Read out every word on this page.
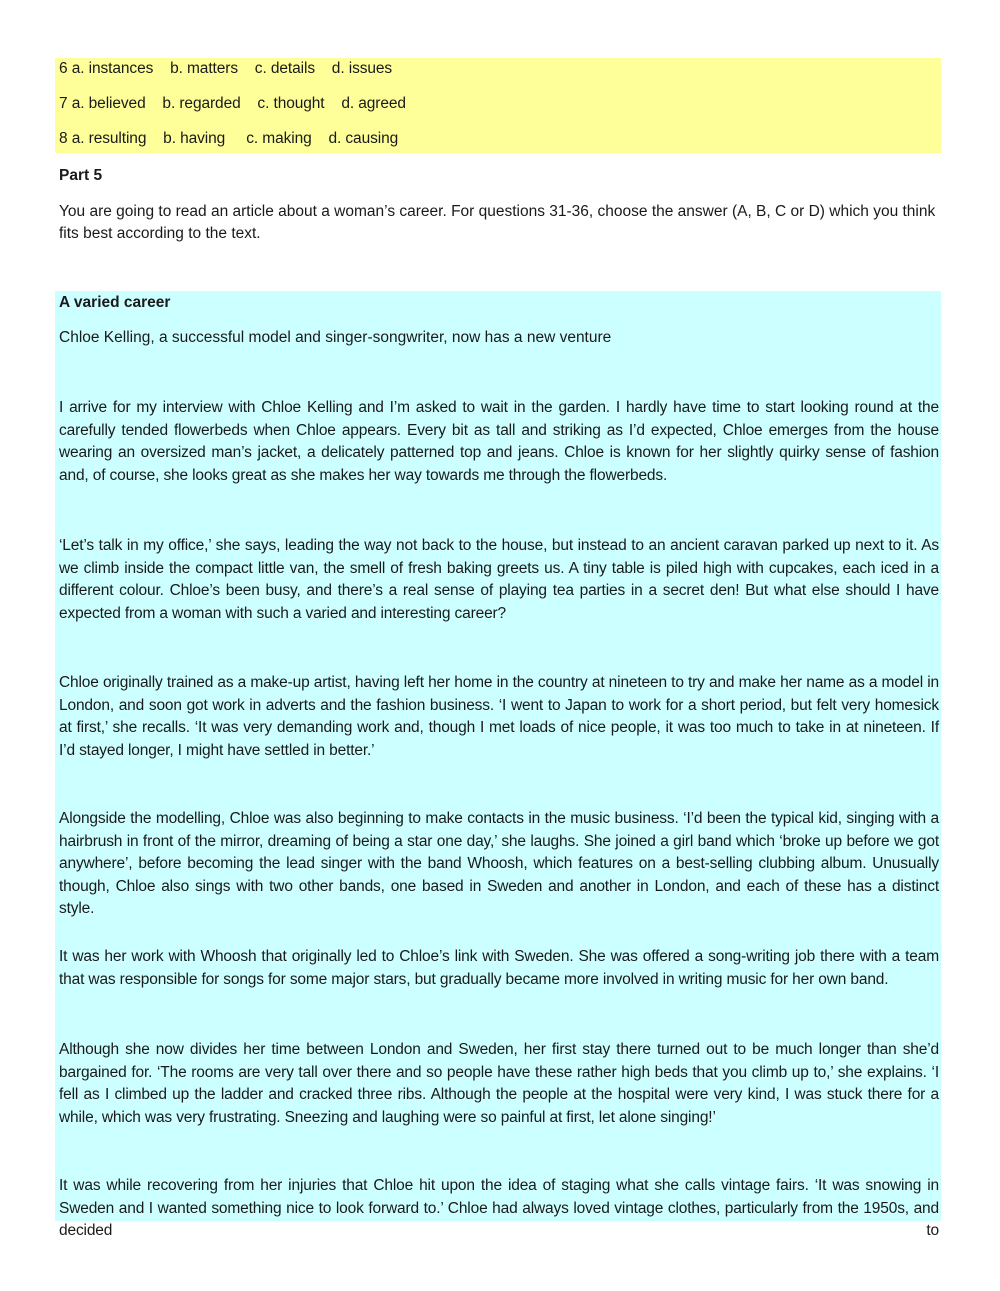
6 a. instances    b. matters    c. details    d. issues
7 a. believed    b. regarded    c. thought    d. agreed
8 a. resulting    b. having     c. making    d. causing
Part 5
You are going to read an article about a woman’s career. For questions 31-36, choose the answer (A, B, C or D) which you think fits best according to the text.
A varied career
Chloe Kelling, a successful model and singer-songwriter, now has a new venture
I arrive for my interview with Chloe Kelling and I’m asked to wait in the garden. I hardly have time to start looking round at the carefully tended flowerbeds when Chloe appears. Every bit as tall and striking as I’d expected, Chloe emerges from the house wearing an oversized man’s jacket, a delicately patterned top and jeans. Chloe is known for her slightly quirky sense of fashion and, of course, she looks great as she makes her way towards me through the flowerbeds.
‘Let’s talk in my office,’ she says, leading the way not back to the house, but instead to an ancient caravan parked up next to it. As we climb inside the compact little van, the smell of fresh baking greets us. A tiny table is piled high with cupcakes, each iced in a different colour. Chloe’s been busy, and there’s a real sense of playing tea parties in a secret den! But what else should I have expected from a woman with such a varied and interesting career?
Chloe originally trained as a make-up artist, having left her home in the country at nineteen to try and make her name as a model in London, and soon got work in adverts and the fashion business. ‘I went to Japan to work for a short period, but felt very homesick at first,’ she recalls. ‘It was very demanding work and, though I met loads of nice people, it was too much to take in at nineteen. If I’d stayed longer, I might have settled in better.’
Alongside the modelling, Chloe was also beginning to make contacts in the music business. ‘I’d been the typical kid, singing with a hairbrush in front of the mirror, dreaming of being a star one day,’ she laughs. She joined a girl band which ‘broke up before we got anywhere’, before becoming the lead singer with the band Whoosh, which features on a best-selling clubbing album. Unusually though, Chloe also sings with two other bands, one based in Sweden and another in London, and each of these has a distinct style.
It was her work with Whoosh that originally led to Chloe’s link with Sweden. She was offered a song-writing job there with a team that was responsible for songs for some major stars, but gradually became more involved in writing music for her own band.
Although she now divides her time between London and Sweden, her first stay there turned out to be much longer than she’d bargained for. ‘The rooms are very tall over there and so people have these rather high beds that you climb up to,’ she explains. ‘I fell as I climbed up the ladder and cracked three ribs. Although the people at the hospital were very kind, I was stuck there for a while, which was very frustrating. Sneezing and laughing were so painful at first, let alone singing!’
It was while recovering from her injuries that Chloe hit upon the idea of staging what she calls vintage fairs. ‘It was snowing in Sweden and I wanted something nice to look forward to.’ Chloe had always loved vintage clothes, particularly from the 1950s, and decided to
